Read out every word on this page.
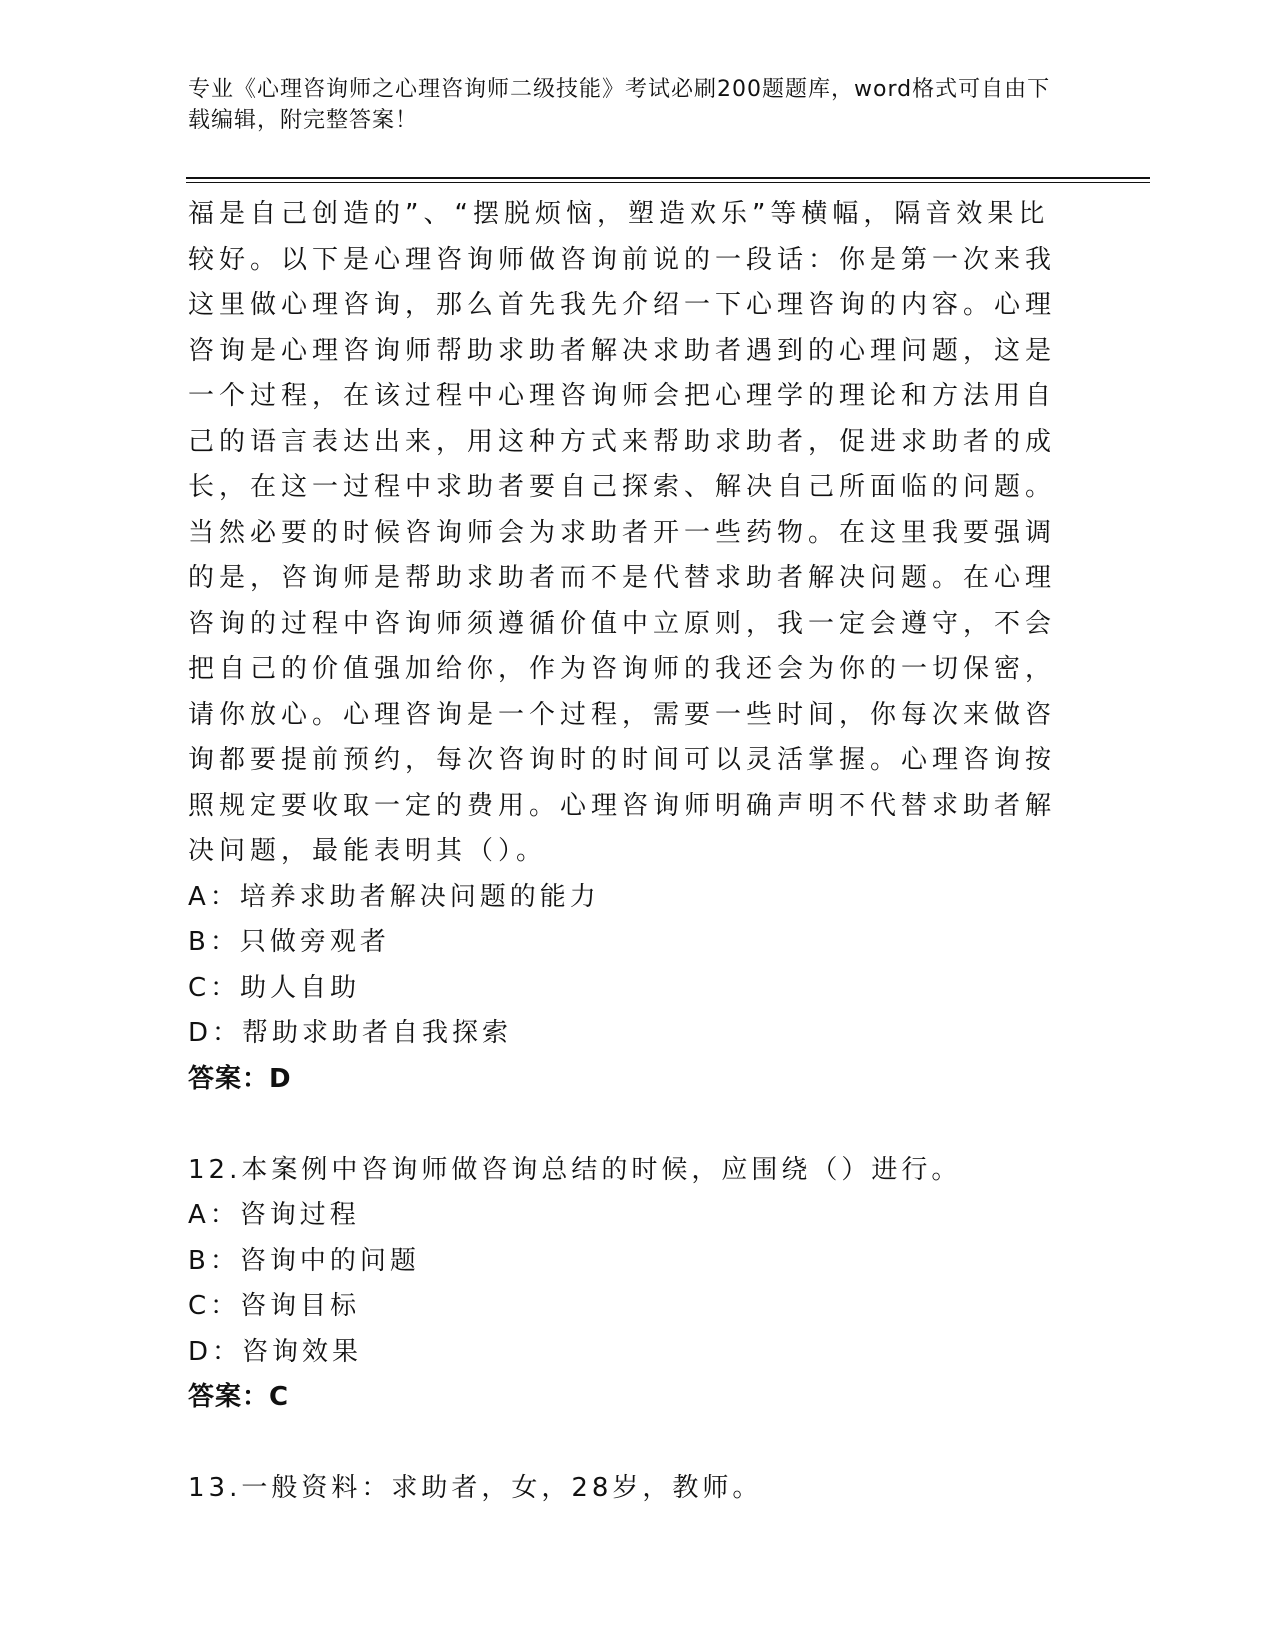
专业《心理咨询师之心理咨询师二级技能》考试必刷200题题库，word格式可自由下载编辑，附完整答案！

福是自己创造的”、“摆脱烦恼，塑造欢乐”等横幅，隔音效果比较好。以下是心理咨询师做咨询前说的一段话：你是第一次来我这里做心理咨询，那么首先我先介绍一下心理咨询的内容。心理咨询是心理咨询师帮助求助者解决求助者遇到的心理问题，这是一个过程，在该过程中心理咨询师会把心理学的理论和方法用自己的语言表达出来，用这种方式来帮助求助者，促进求助者的成长，在这一过程中求助者要自己探索、解决自己所面临的问题。当然必要的时候咨询师会为求助者开一些药物。在这里我要强调的是，咨询师是帮助求助者而不是代替求助者解决问题。在心理咨询的过程中咨询师须遵循价值中立原则，我一定会遵守，不会把自己的价值强加给你，作为咨询师的我还会为你的一切保密，请你放心。心理咨询是一个过程，需要一些时间，你每次来做咨询都要提前预约，每次咨询时的时间可以灵活掌握。心理咨询按照规定要收取一定的费用。心理咨询师明确声明不代替求助者解决问题，最能表明其（）。

A：培养求助者解决问题的能力

B：只做旁观者

C：助人自助

D：帮助求助者自我探索

答案：D

12.本案例中咨询师做咨询总结的时候，应围绕（）进行。

A：咨询过程

B：咨询中的问题

C：咨询目标

D：咨询效果

答案：C

13.一般资料：求助者，女，28岁，教师。
